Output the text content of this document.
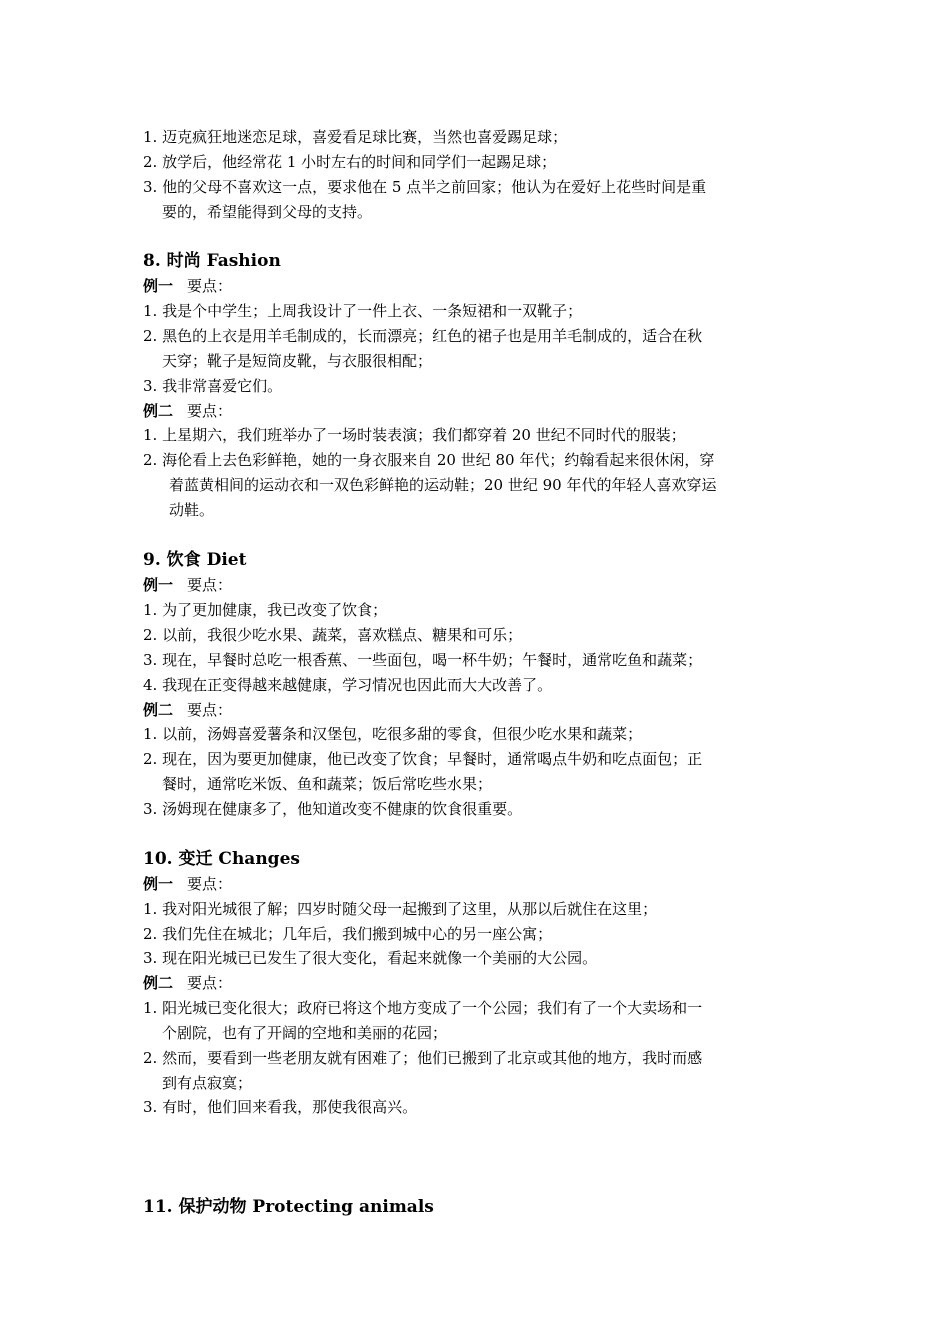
1. 迈克疯狂地迷恋足球，喜爱看足球比赛，当然也喜爱踢足球；
2. 放学后，他经常花 1 小时左右的时间和同学们一起踢足球；
3. 他的父母不喜欢这一点，要求他在 5 点半之前回家；他认为在爱好上花些时间是重
要的，希望能得到父母的支持。
8. 时尚 Fashion
例一 要点：
1. 我是个中学生；上周我设计了一件上衣、一条短裙和一双靴子；
2. 黑色的上衣是用羊毛制成的，长而漂亮；红色的裙子也是用羊毛制成的，适合在秋
天穿；靴子是短筒皮靴，与衣服很相配；
3. 我非常喜爱它们。
例二 要点：
1. 上星期六，我们班举办了一场时装表演；我们都穿着 20 世纪不同时代的服装；
2. 海伦看上去色彩鲜艳，她的一身衣服来自 20 世纪 80 年代；约翰看起来很休闲，穿
着蓝黄相间的运动衣和一双色彩鲜艳的运动鞋；20 世纪 90 年代的年轻人喜欢穿运
动鞋。
9. 饮食 Diet
例一 要点：
1. 为了更加健康，我已改变了饮食；
2. 以前，我很少吃水果、蔬菜，喜欢糕点、糖果和可乐；
3. 现在，早餐时总吃一根香蕉、一些面包，喝一杯牛奶；午餐时，通常吃鱼和蔬菜；
4. 我现在正变得越来越健康，学习情况也因此而大大改善了。
例二 要点：
1. 以前，汤姆喜爱薯条和汉堡包，吃很多甜的零食，但很少吃水果和蔬菜；
2. 现在，因为要更加健康，他已改变了饮食；早餐时，通常喝点牛奶和吃点面包；正
餐时，通常吃米饭、鱼和蔬菜；饭后常吃些水果；
3. 汤姆现在健康多了，他知道改变不健康的饮食很重要。
10. 变迁 Changes
例一 要点：
1. 我对阳光城很了解；四岁时随父母一起搬到了这里，从那以后就住在这里；
2. 我们先住在城北；几年后，我们搬到城中心的另一座公寓；
3. 现在阳光城已已发生了很大变化，看起来就像一个美丽的大公园。
例二 要点：
1. 阳光城已变化很大；政府已将这个地方变成了一个公园；我们有了一个大卖场和一
个剧院，也有了开阔的空地和美丽的花园；
2. 然而，要看到一些老朋友就有困难了；他们已搬到了北京或其他的地方，我时而感
到有点寂寞；
3. 有时，他们回来看我，那使我很高兴。
11. 保护动物 Protecting animals
